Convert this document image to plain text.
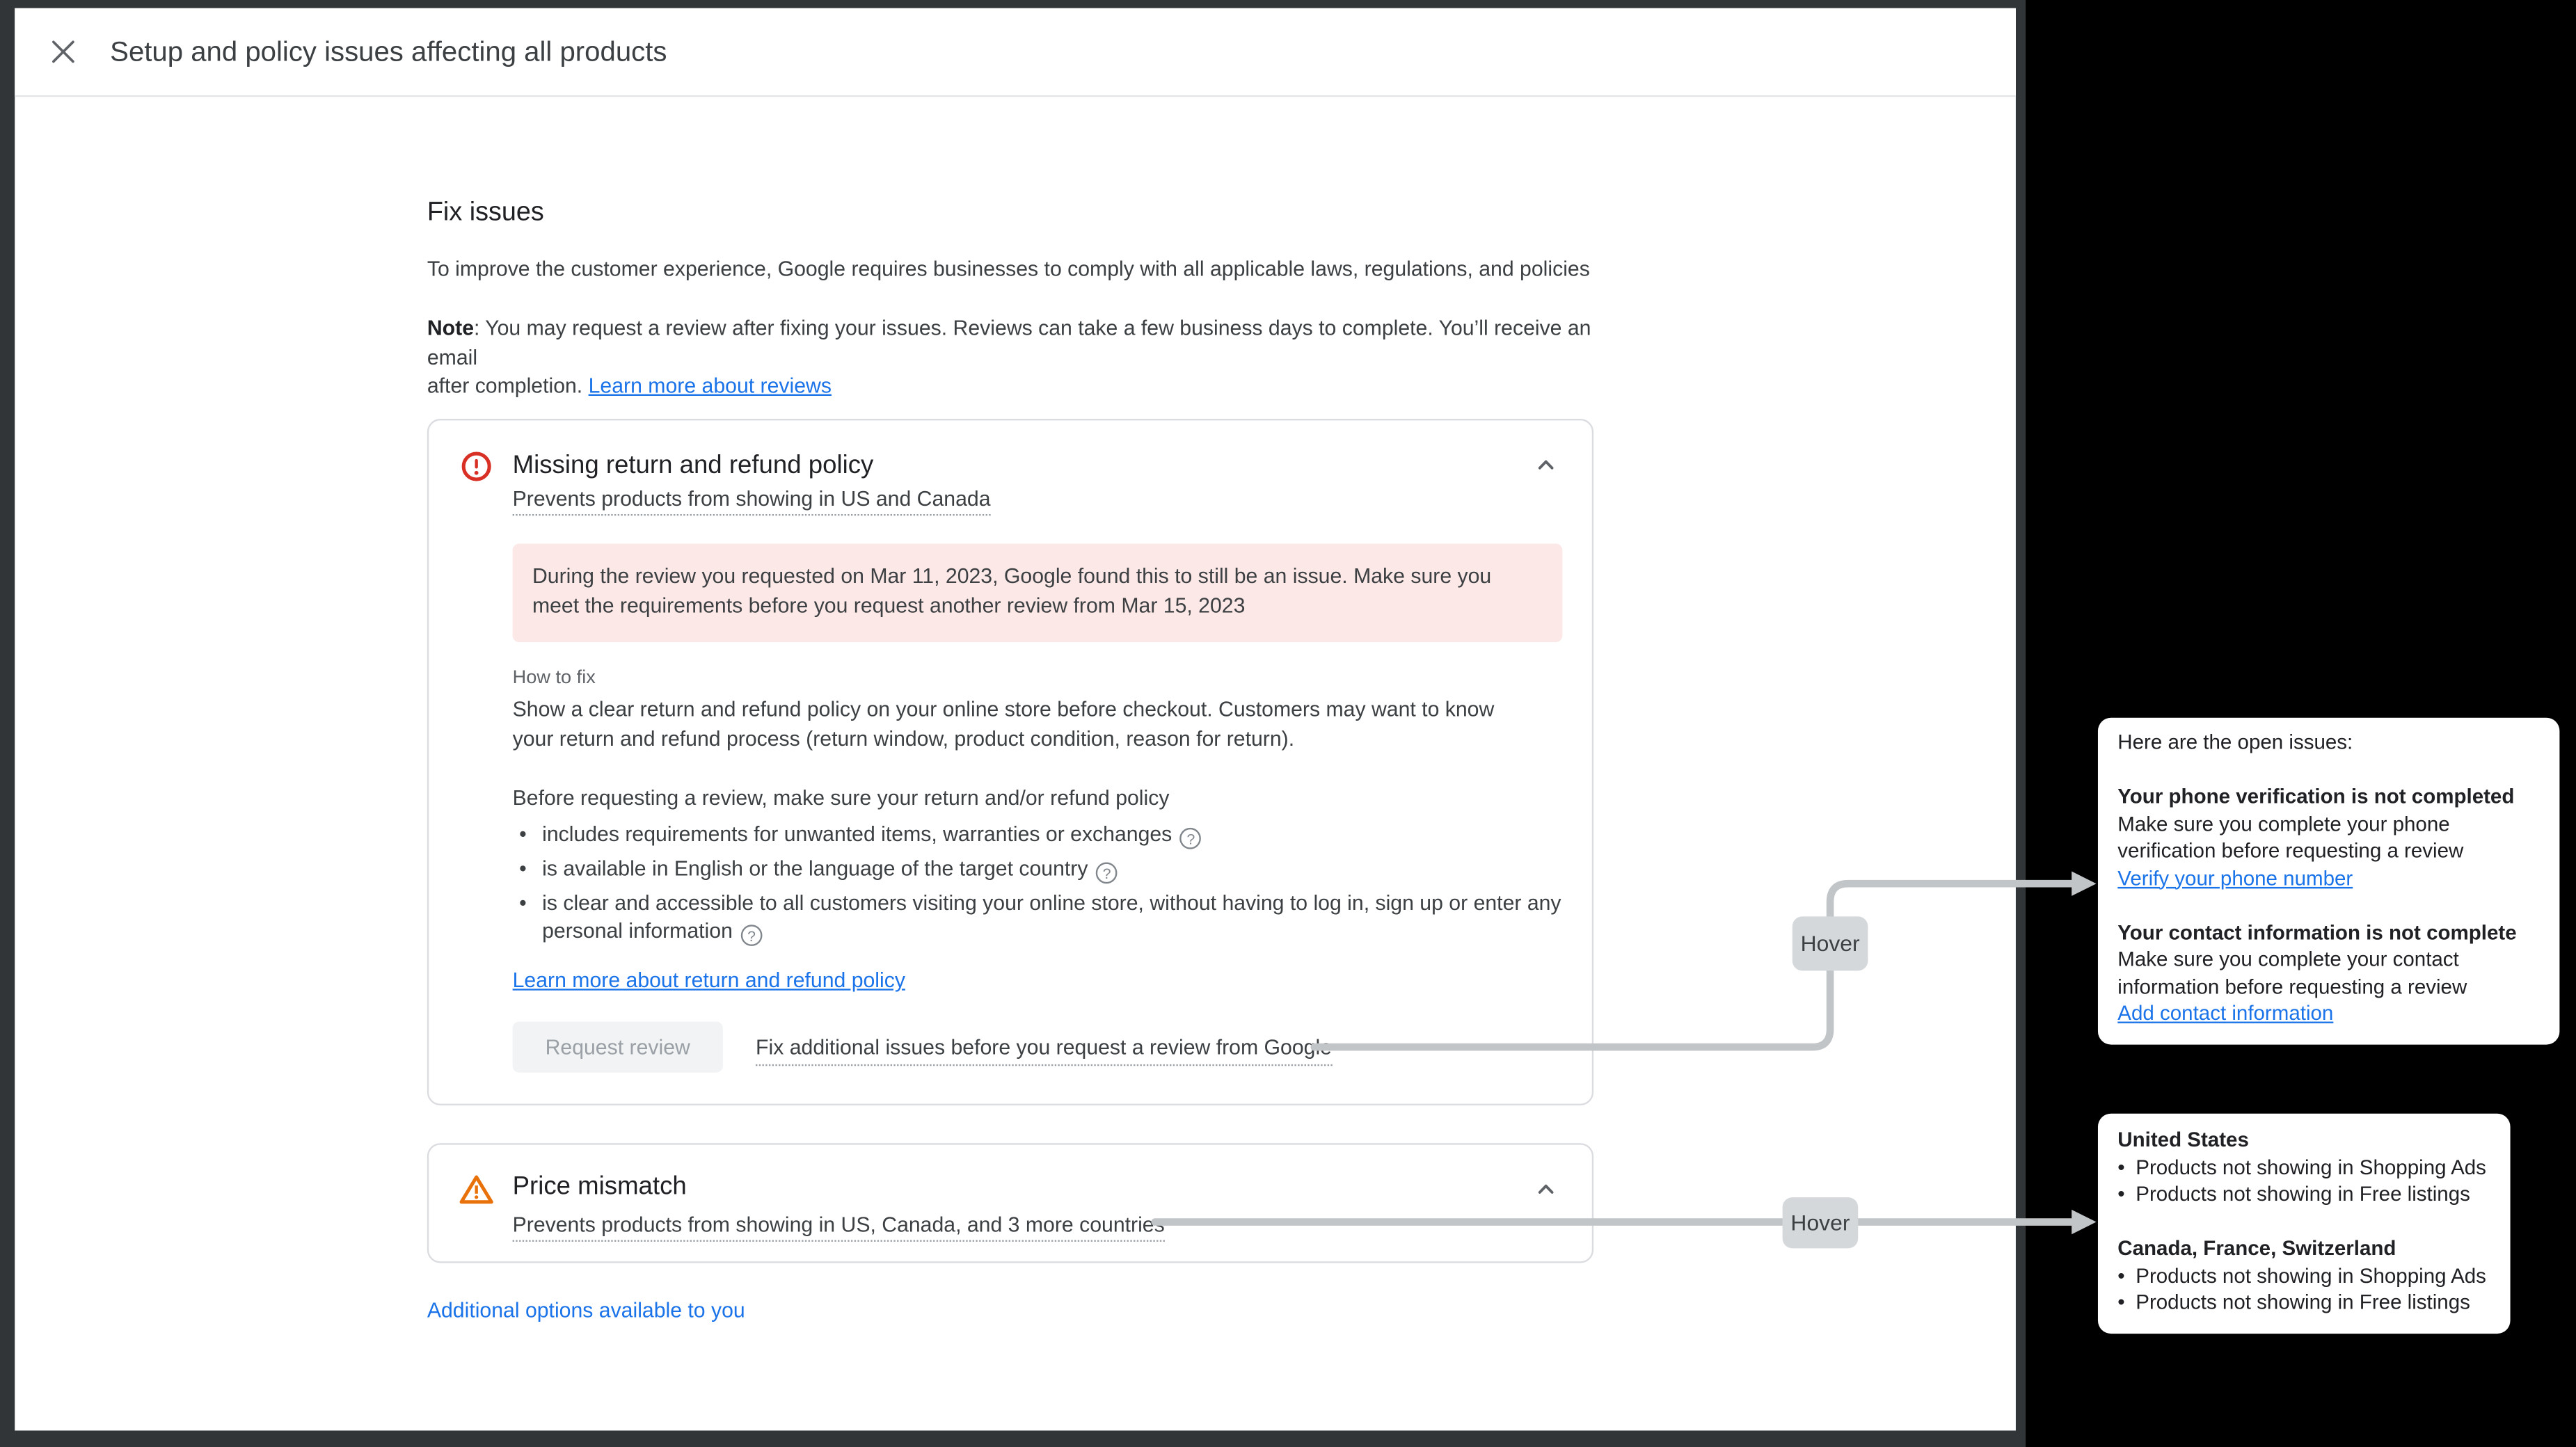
Setup and policy issues affecting all products
Fix issues
To improve the customer experience, Google requires businesses to comply with all applicable laws, regulations, and policies
Note: You may request a review after fixing your issues. Reviews can take a few business days to complete. You’ll receive an email
after completion. Learn more about reviews
Missing return and refund policy
Prevents products from showing in US and Canada
During the review you requested on Mar 11, 2023, Google found this to still be an issue. Make sure you meet the requirements before you request another review from Mar 15, 2023
How to fix
Show a clear return and refund policy on your online store before checkout. Customers may want to know your return and refund process (return window, product condition, reason for return).
Before requesting a review, make sure your return and/or refund policy
•	includes requirements for unwanted items, warranties or exchanges ?
•	is available in English or the language of the target country ?
•	is clear and accessible to all customers visiting your online store, without having to log in, sign up or enter any personal information ?
Learn more about return and refund policy
Request review	Fix additional issues before you request a review from Google
Price mismatch
Prevents products from showing in US, Canada, and 3 more countries
Additional options available to you
Hover
Hover
Here are the open issues:
Your phone verification is not completed
Make sure you complete your phone verification before requesting a review
Verify your phone number
Your contact information is not complete
Make sure you complete your contact information before requesting a review
Add contact information
United States
•	Products not showing in Shopping Ads
•	Products not showing in Free listings
Canada, France, Switzerland
•	Products not showing in Shopping Ads
•	Products not showing in Free listings
